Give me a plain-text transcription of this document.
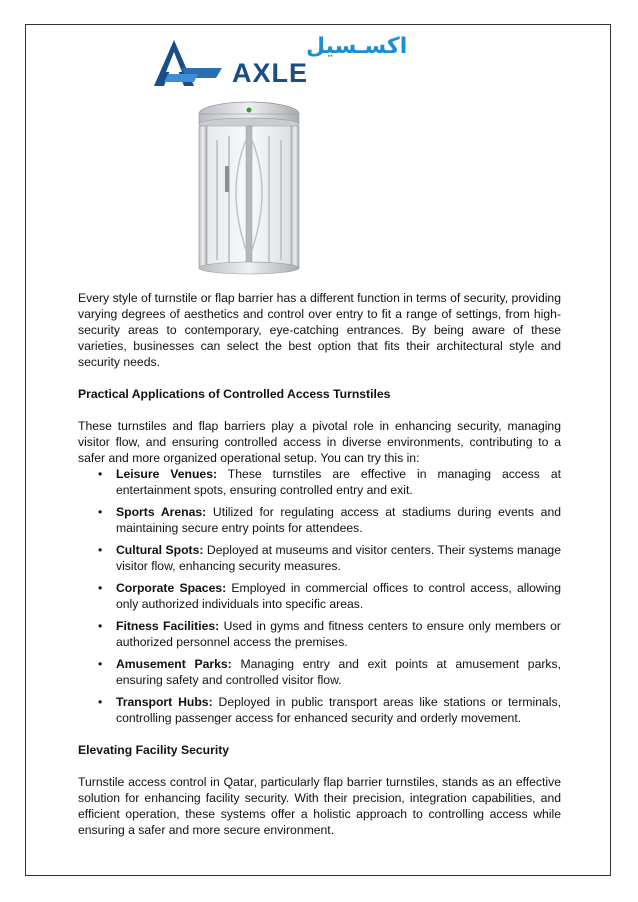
AXLE
اكسـسيل

Every style of turnstile or flap barrier has a different function in terms of security, providing varying degrees of aesthetics and control over entry to fit a range of settings, from high-security areas to contemporary, eye-catching entrances. By being aware of these varieties, businesses can select the best option that fits their architectural style and security needs.

Practical Applications of Controlled Access Turnstiles

These turnstiles and flap barriers play a pivotal role in enhancing security, managing visitor flow, and ensuring controlled access in diverse environments, contributing to a safer and more organized operational setup. You can try this in:

• Leisure Venues: These turnstiles are effective in managing access at entertainment spots, ensuring controlled entry and exit.
• Sports Arenas: Utilized for regulating access at stadiums during events and maintaining secure entry points for attendees.
• Cultural Spots: Deployed at museums and visitor centers. Their systems manage visitor flow, enhancing security measures.
• Corporate Spaces: Employed in commercial offices to control access, allowing only authorized individuals into specific areas.
• Fitness Facilities: Used in gyms and fitness centers to ensure only members or authorized personnel access the premises.
• Amusement Parks: Managing entry and exit points at amusement parks, ensuring safety and controlled visitor flow.
• Transport Hubs: Deployed in public transport areas like stations or terminals, controlling passenger access for enhanced security and orderly movement.

Elevating Facility Security

Turnstile access control in Qatar, particularly flap barrier turnstiles, stands as an effective solution for enhancing facility security. With their precision, integration capabilities, and efficient operation, these systems offer a holistic approach to controlling access while ensuring a safer and more secure environment.
